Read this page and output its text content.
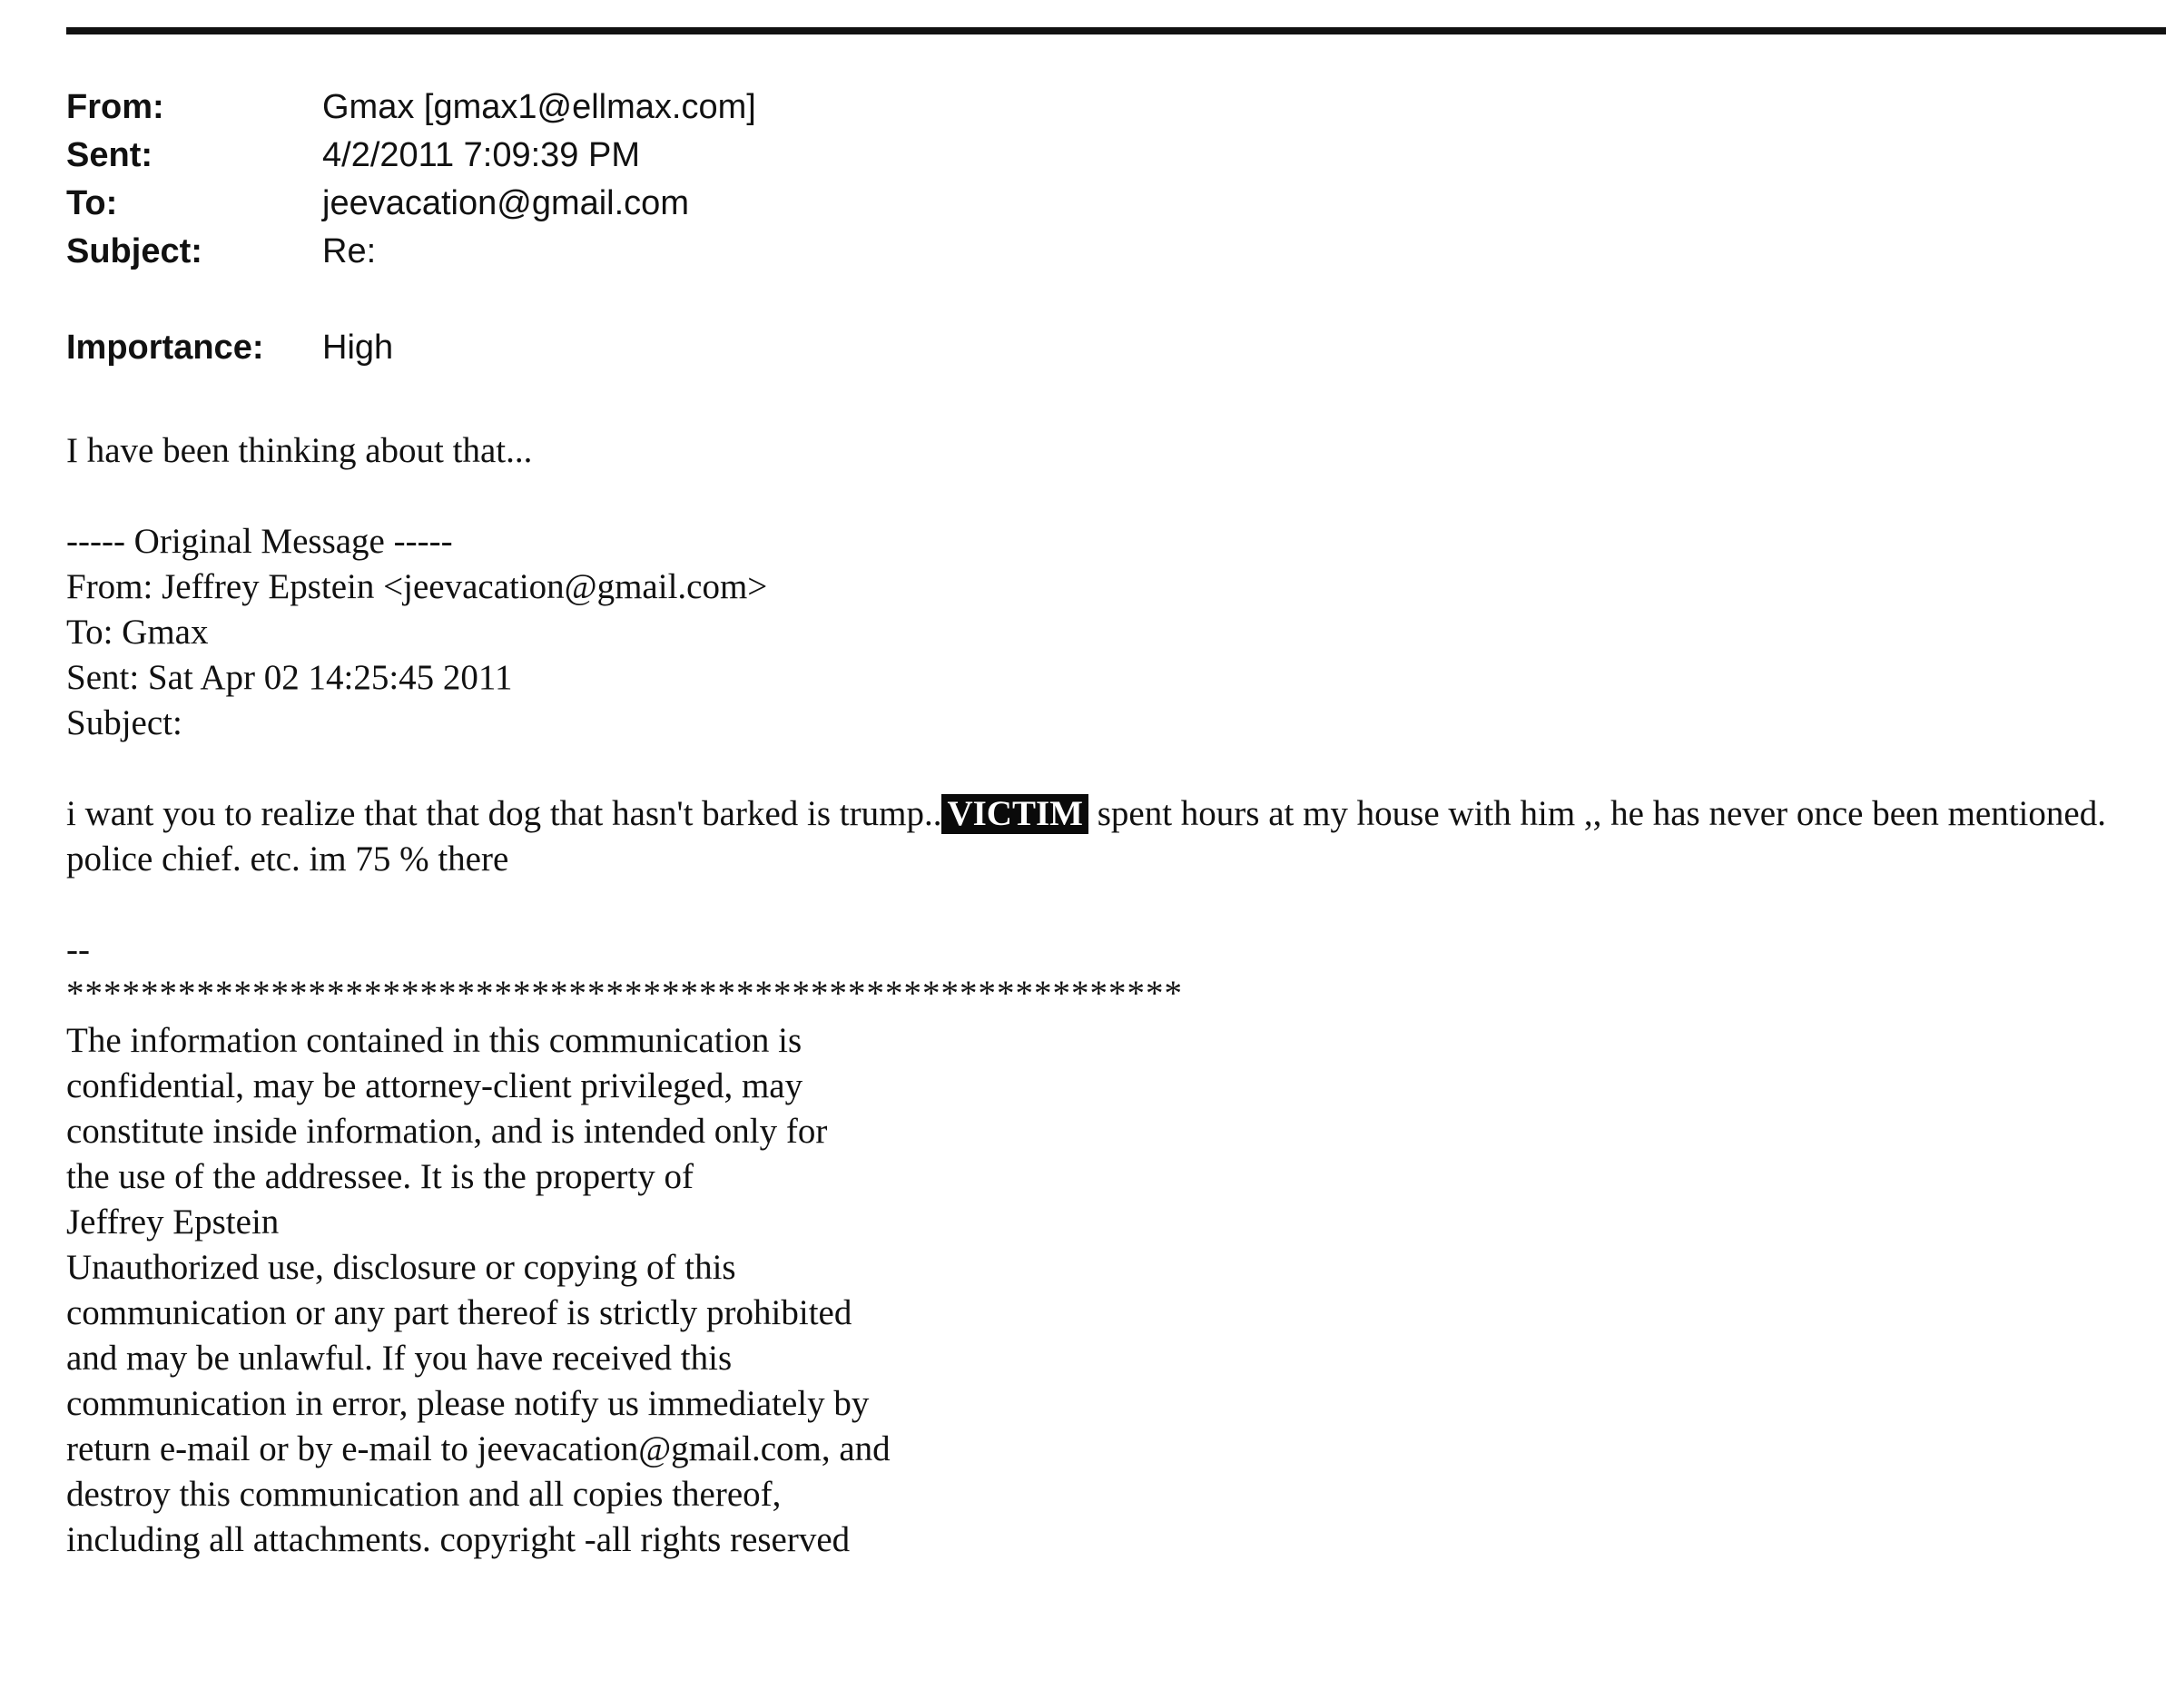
From:	Gmax [gmax1@ellmax.com]
Sent:	4/2/2011 7:09:39 PM
To:	jeevacation@gmail.com
Subject:	Re:
Importance:	High
I have been thinking about that...
----- Original Message -----
From: Jeffrey Epstein <jeevacation@gmail.com>
To: Gmax
Sent: Sat Apr 02 14:25:45 2011
Subject:
i want you to realize that that dog that hasn't barked is trump.. VICTIM spent hours at my house with him ,, he has never once been mentioned. police chief. etc. im 75 % there
--
************************************************************
The information contained in this communication is
confidential, may be attorney-client privileged, may
constitute inside information, and is intended only for
the use of the addressee. It is the property of
Jeffrey Epstein
Unauthorized use, disclosure or copying of this
communication or any part thereof is strictly prohibited
and may be unlawful. If you have received this
communication in error, please notify us immediately by
return e-mail or by e-mail to jeevacation@gmail.com, and
destroy this communication and all copies thereof,
including all attachments. copyright -all rights reserved
